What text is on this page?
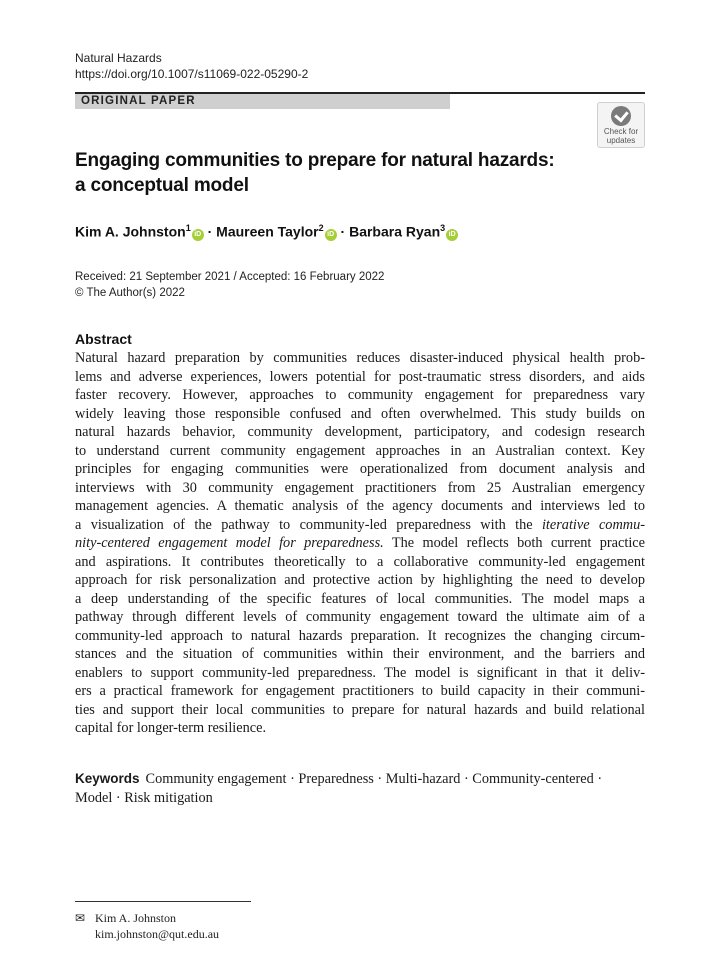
Natural Hazards
https://doi.org/10.1007/s11069-022-05290-2
ORIGINAL PAPER
Check for
updates
Engaging communities to prepare for natural hazards:
a conceptual model
Kim A. Johnston$^1$iD · Maureen Taylor$^2$iD · Barbara Ryan$^3$iD
Received: 21 September 2021 / Accepted: 16 February 2022
© The Author(s) 2022
Abstract
Natural hazard preparation by communities reduces disaster-induced physical health prob-
lems and adverse experiences, lowers potential for post-traumatic stress disorders, and aids
faster recovery. However, approaches to community engagement for preparedness vary
widely leaving those responsible confused and often overwhelmed. This study builds on
natural hazards behavior, community development, participatory, and codesign research
to understand current community engagement approaches in an Australian context. Key
principles for engaging communities were operationalized from document analysis and
interviews with 30 community engagement practitioners from 25 Australian emergency
management agencies. A thematic analysis of the agency documents and interviews led to
a visualization of the pathway to community-led preparedness with the iterative commu-
nity-centered engagement model for preparedness. The model reflects both current practice
and aspirations. It contributes theoretically to a collaborative community-led engagement
approach for risk personalization and protective action by highlighting the need to develop
a deep understanding of the specific features of local communities. The model maps a
pathway through different levels of community engagement toward the ultimate aim of a
community-led approach to natural hazards preparation. It recognizes the changing circum-
stances and the situation of communities within their environment, and the barriers and
enablers to support community-led preparedness. The model is significant in that it deliv-
ers a practical framework for engagement practitioners to build capacity in their communi-
ties and support their local communities to prepare for natural hazards and build relational
capital for longer-term resilience.
Keywords Community engagement · Preparedness · Multi-hazard · Community-centered ·
Model · Risk mitigation
✉ Kim A. Johnston
kim.johnston@qut.edu.au
